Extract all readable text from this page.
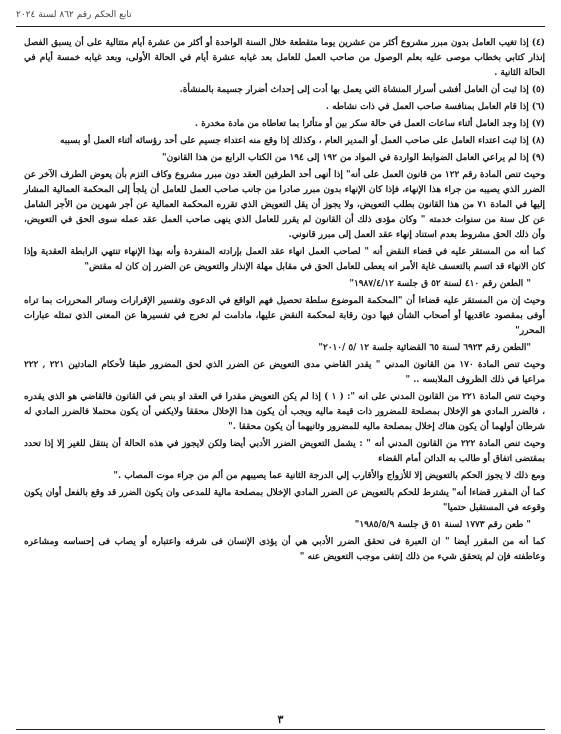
تابع الحكم رقم ٨٦٢ لسنة ٢٠٢٤

(٤) إذا تغيب العامل بدون مبرر مشروع أكثر من عشرين يوما متقطعة خلال السنة الواحدة أو أكثر من عشرة أيام متتالية على أن يسبق الفصل إنذار كتابي بخطاب موصى عليه بعلم الوصول من صاحب العمل للعامل بعد غيابه عشرة أيام في الحالة الأولى، وبعد غيابه خمسة أيام في الحالة الثانية .

(٥) إذا ثبت أن العامل أفشى أسرار المنشاة التي يعمل بها أدت إلى إحداث أضرار جسيمة بالمنشأة.

(٦) إذا قام العامل بمنافسة صاحب العمل في ذات نشاطه .

(٧) إذا وجد العامل أثناء ساعات العمل في حالة سكر بين أو متأثرا بما تعاطاه من مادة مخدرة .

(٨) إذا ثبت اعتداء العامل على صاحب العمل أو المدير العام ، وكذلك إذا وقع منه اعتداء جسيم على أحد رؤسائه أثناء العمل أو بسببه

(٩) إذا لم يراعي العامل الضوابط الواردة في المواد من ١٩٢ إلى ١٩٤ من الكتاب الرابع من هذا القانون"

وحيث تنص المادة رقم ١٢٢ من قانون العمل على أنه" إذا أنهى أحد الطرفين العقد دون مبرر مشروع وكاف التزم بأن يعوض الطرف الآخر عن الضرر الذي يصيبه من جراء هذا الإنهاء، فإذا كان الإنهاء بدون مبرر صادرا من جانب صاحب العمل للعامل أن يلجأ إلى المحكمة العمالية المشار إليها في المادة ٧١ من هذا القانون بطلب التعويض، ولا يجوز أن يقل التعويض الذي تقرره المحكمة العمالية عن أجر شهرين من الأجر الشامل عن كل سنة من سنوات خدمته " وكان مؤدى ذلك أن القانون لم يقرر للعامل الذي ينهى صاحب العمل عقد عمله سوى الحق في التعويض، وأن ذلك الحق مشروط بعدم استناد إنهاء عقد العمل إلى مبرر قانوني.

كما أنه من المستقر عليه في قضاء النقض أنه " لصاحب العمل انهاء عقد العمل بإرادته المنفردة وأنه بهذا الإنهاء تنتهي الرابطة العقدية وإذا كان الانهاء قد اتسم بالتعسف غاية الأمر انه يعطى للعامل الحق في مقابل مهلة الإنذار والتعويض عن الضرر إن كان له مقتض"

" الطعن رقم ٤١٠ لسنة ٥٢ ق جلسة ١٩٨٧/٤/١٢"

وحيث إن من المستقر عليه قضاءا أن "المحكمة الموضوع سلطة تحصيل فهم الواقع في الدعوى وتفسير الإقرارات وسائر المحررات بما تراه أوفى بمقصود عاقديها أو أصحاب الشأن فيها دون رقابة لمحكمة النقض عليها، مادامت لم تخرج في تفسيرها عن المعنى الذي تمثله عبارات المحرر"

"الطعن رقم ٦٩٢٣ لسنة ٦٥ القضائية جلسة ١٢ /٥ /٢٠١٠"

وحيث تنص المادة ١٧٠ من القانون المدني " يقدر القاضي مدى التعويض عن الضرر الذي لحق المضرور طبقا لأحكام المادتين ٢٢١ , ٢٢٢ مراعيا في ذلك الظروف الملابسه .. "

وحيث تنص المادة ٢٢١ من القانون المدني على انه ": ( ١ ) إذا لم يكن التعويض مقدرا في العقد او بنص في القانون فالقاضي هو الذي يقدره ، فالضرر المادي هو الإخلال بمصلحة للمضرور ذات قيمة ماليه ويجب أن يكون هذا الإخلال محققا ولايكفي أن يكون محتملا فالضرر المادي له شرطان أولهما أن يكون هناك إخلال بمصلحة ماليه للمضرور وثانيهما أن يكون محققا ."

وحيث تنص المادة ٢٢٢ من القانون المدني أنه " : يشمل التعويض الضرر الأدبي أيضا ولكن لايجوز في هذه الحالة أن ينتقل للغير إلا إذا تحدد بمقتضى اتفاق أو طالب به الدائن أمام القضاء

ومع ذلك لا يجوز الحكم بالتعويض إلا للأزواج والأقارب إلي الدرجة الثانية عما يصيبهم من ألم من جراء موت المصاب ."

كما أن المقرر قضاءا أنه" يشترط للحكم بالتعويض عن الضرر المادي الإخلال بمصلحة مالية للمدعى وان يكون الضرر قد وقع بالفعل أوان يكون وقوعه في المستقبل حتميا"

" طعن رقم ١٧٧٣ لسنة ٥١ ق جلسة ١٩٨٥/٥/٩"

كما أنه من المقرر أيضا " ان العبرة فى تحقق الضرر الأدبي هي أن يؤذى الإنسان فى شرفه واعتباره أو يصاب فى إحساسه ومشاعره وعاطفته فإن لم يتحقق شيء من ذلك إنتفى موجب التعويض عنه "

٣
